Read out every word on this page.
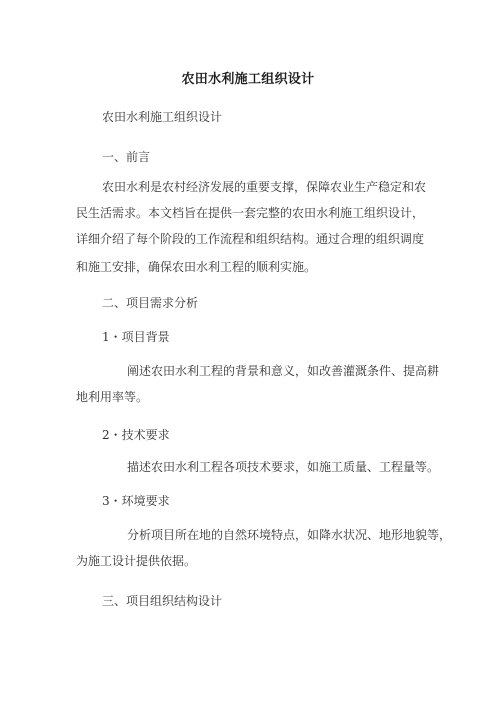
农田水利施工组织设计
农田水利施工组织设计
一、前言
农田水利是农村经济发展的重要支撑，保障农业生产稳定和农
民生活需求。本文档旨在提供一套完整的农田水利施工组织设计，
详细介绍了每个阶段的工作流程和组织结构。通过合理的组织调度
和施工安排，确保农田水利工程的顺利实施。
二、项目需求分析
1・项目背景
阐述农田水利工程的背景和意义，如改善灌溉条件、提高耕
地利用率等。
2・技术要求
描述农田水利工程各项技术要求，如施工质量、工程量等。
3・环境要求
分析项目所在地的自然环境特点，如降水状况、地形地貌等，
为施工设计提供依据。
三、项目组织结构设计
